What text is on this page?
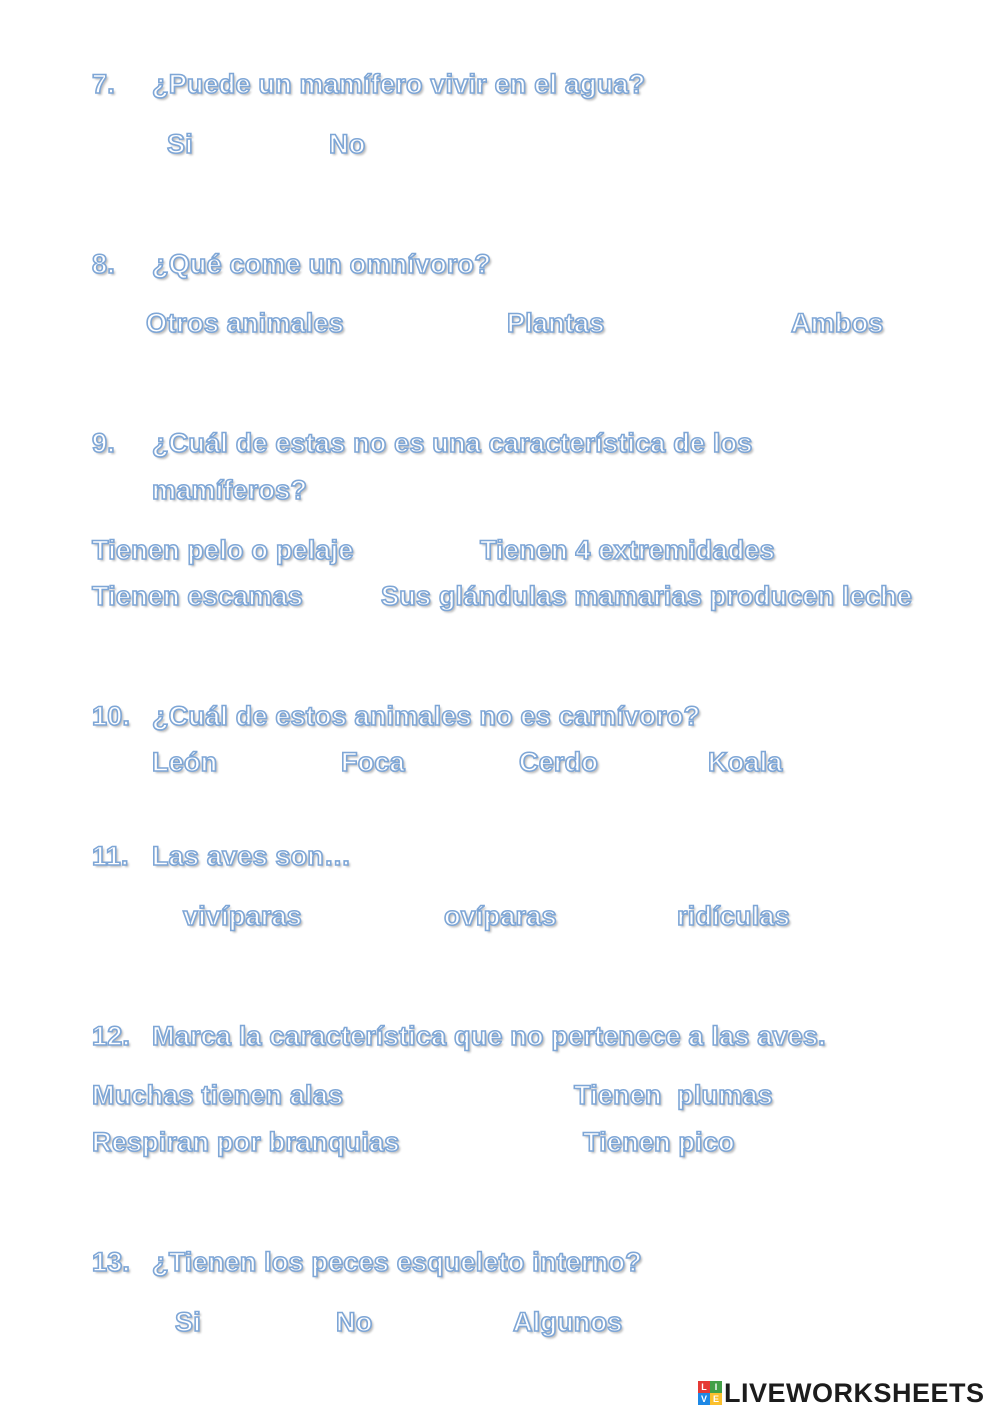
7. ¿Puede un mamífero vivir en el agua?
Si	No
8. ¿Qué come un omnívoro?
Otros animales	Plantas	Ambos
9. ¿Cuál de estas no es una característica de los
mamíferos?
Tienen pelo o pelaje	Tienen 4 extremidades
Tienen escamas	Sus glándulas mamarias producen leche
10. ¿Cuál de estos animales no es carnívoro?
León	Foca	Cerdo	Koala
11. Las aves son…
vivíparas	ovíparas	ridículas
12. Marca la característica que no pertenece a las aves.
Muchas tienen alas	Tienen  plumas
Respiran por branquias	Tienen pico
13. ¿Tienen los peces esqueleto interno?
Si	No	Algunos
L I
V E LIVEWORKSHEETS
